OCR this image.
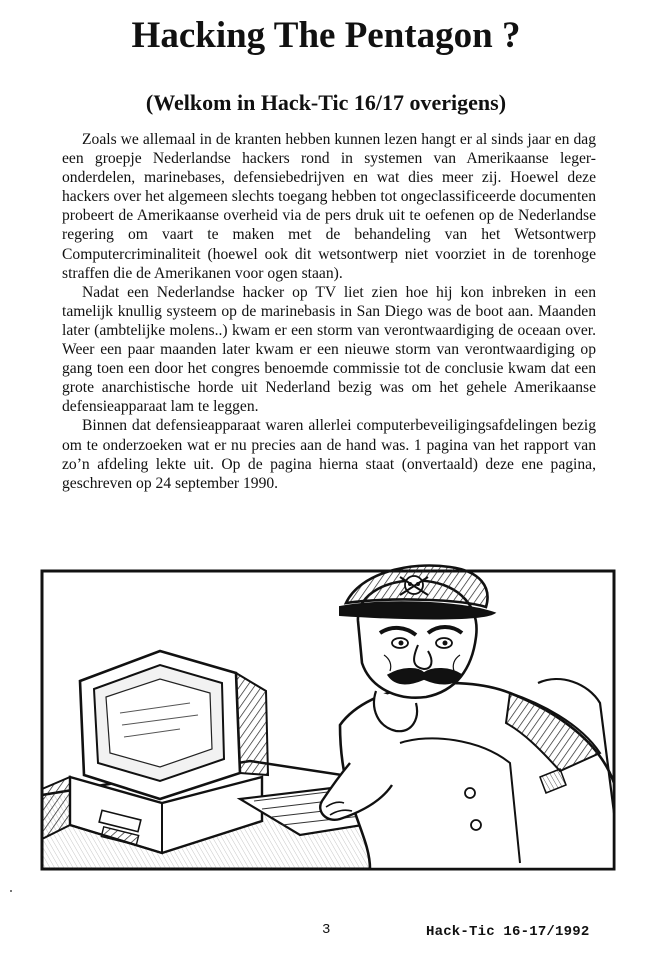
Hacking The Pentagon ?
(Welkom in Hack-Tic 16/17 overigens)

Zoals we allemaal in de kranten hebben kunnen lezen hangt er al sinds jaar en dag een groepje Nederlandse hackers rond in systemen van Amerikaanse leger-onderdelen, marinebases, defensiebedrijven en wat dies meer zij. Hoewel deze hackers over het algemeen slechts toegang hebben tot ongeclassificeerde documenten probeert de Amerikaanse overheid via de pers druk uit te oefenen op de Nederlandse regering om vaart te maken met de behandeling van het Wetsontwerp Computercriminaliteit (hoewel ook dit wetsontwerp niet voorziet in de torenhoge straffen die de Amerikanen voor ogen staan).

Nadat een Nederlandse hacker op TV liet zien hoe hij kon inbreken in een tamelijk knullig systeem op de marinebasis in San Diego was de boot aan. Maanden later (ambtelijke molens..) kwam er een storm van verontwaardiging de oceaan over. Weer een paar maanden later kwam er een nieuwe storm van verontwaardiging op gang toen een door het congres benoemde commissie tot de conclusie kwam dat een grote anarchistische horde uit Nederland bezig was om het gehele Amerikaanse defensieapparaat lam te leggen.

Binnen dat defensieapparaat waren allerlei computerbeveiligingsafdelingen bezig om te onderzoeken wat er nu precies aan de hand was. 1 pagina van het rapport van zo’n afdeling lekte uit. Op de pagina hierna staat (onvertaald) deze ene pagina, geschreven op 24 september 1990.

3	Hack-Tic 16-17/1992
